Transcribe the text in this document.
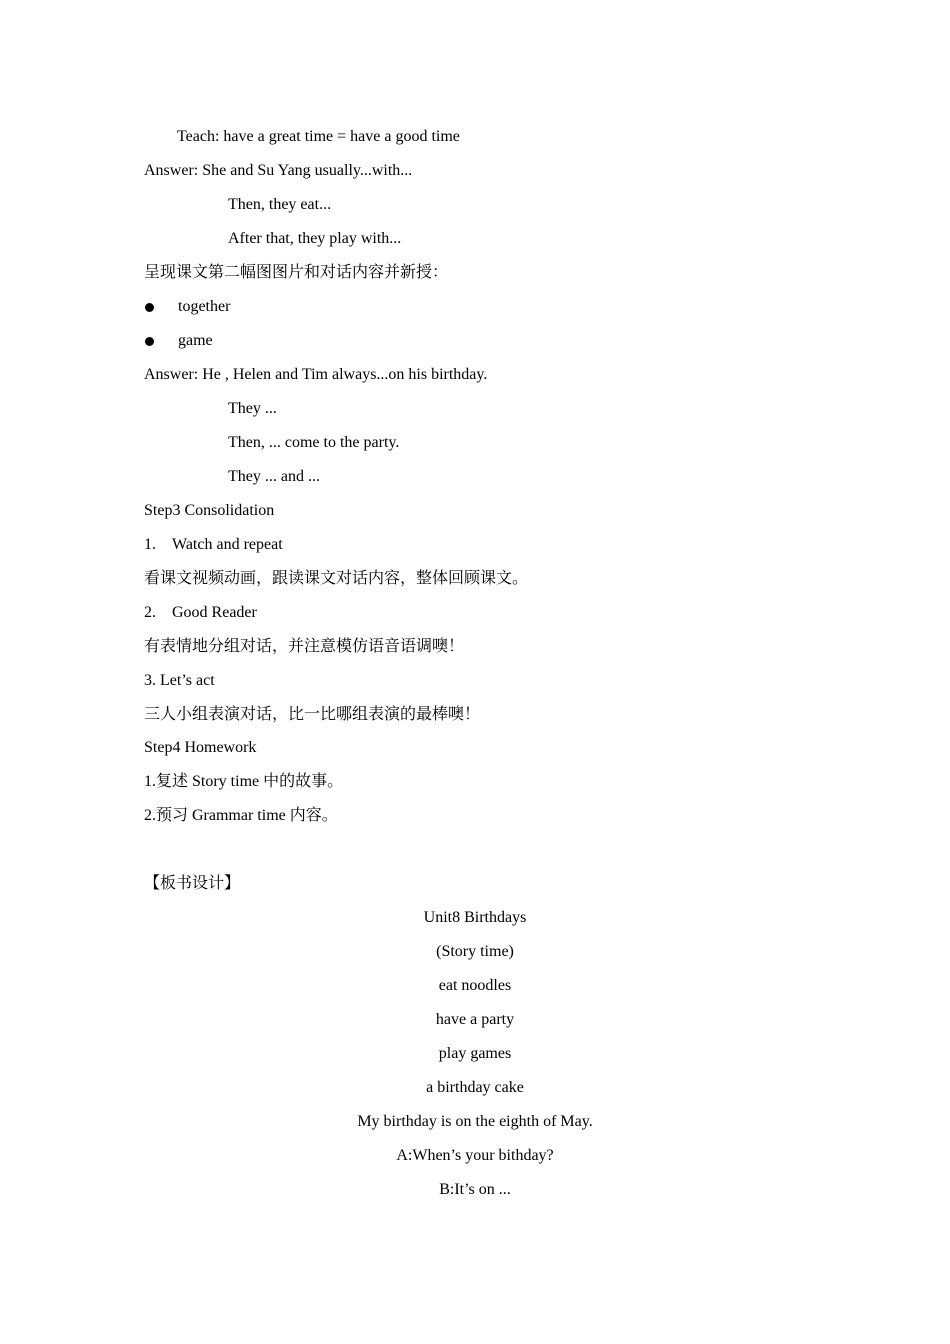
Teach: have a great time = have a good time
Answer: She and Su Yang usually...with...
Then, they eat...
After that, they play with...
呈现课文第二幅图图片和对话内容并新授：
together
game
Answer: He , Helen and Tim always...on his birthday.
They ...
Then, ... come to the party.
They ... and ...
Step3 Consolidation
1. Watch and repeat
看课文视频动画，跟读课文对话内容，整体回顾课文。
2. Good Reader
有表情地分组对话，并注意模仿语音语调噢！
3. Let’s act
三人小组表演对话，比一比哪组表演的最棒噢！
Step4 Homework
1.复述 Story time 中的故事。
2.预习 Grammar time 内容。
【板书设计】
Unit8 Birthdays
(Story time)
eat noodles
have a party
play games
a birthday cake
My birthday is on the eighth of May.
A:When’s your bithday?
B:It’s on ...
